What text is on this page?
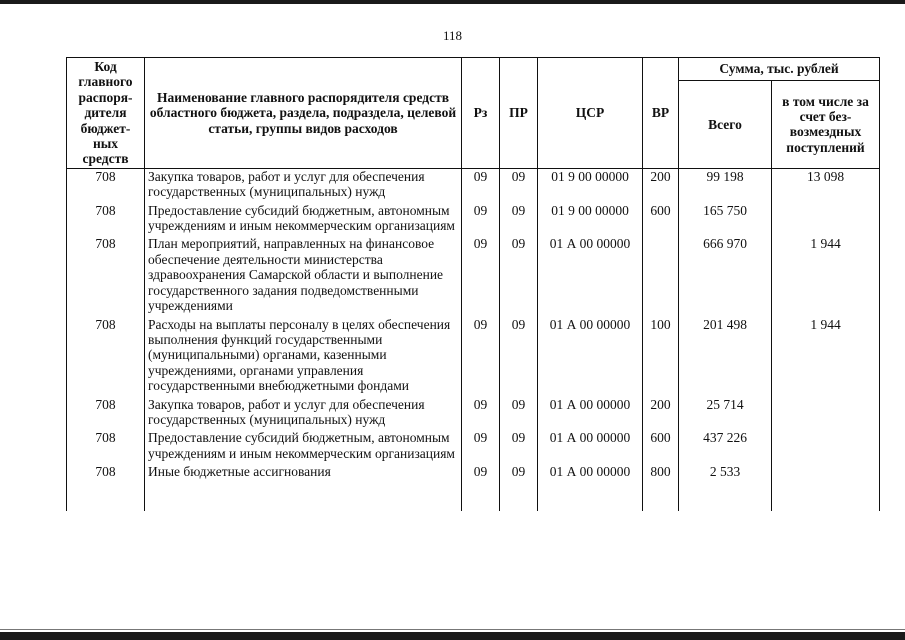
118
Код главного распоря-дителя бюджет-ных средств	Наименование главного распорядителя средств областного бюджета, раздела, подраздела, целевой статьи, группы видов расходов	Рз	ПР	ЦСР	ВР	Сумма, тыс. рублей	
						Всего	в том числе за счет без-возмездных поступлений
708	Закупка товаров, работ и услуг для обеспечения государственных (муниципальных) нужд	09	09	01 9 00 00000	200	99 198	13 098
708	Предоставление субсидий бюджетным, автономным учреждениям и иным некоммерческим организациям	09	09	01 9 00 00000	600	165 750	
708	План мероприятий, направленных на финансовое обеспечение деятельности министерства здравоохранения Самарской области и выполнение государственного задания подведомственными учреждениями	09	09	01 А 00 00000		666 970	1 944
708	Расходы на выплаты персоналу в целях обеспечения выполнения функций государственными (муниципальными) органами, казенными учреждениями, органами управления государственными внебюджетными фондами	09	09	01 А 00 00000	100	201 498	1 944
708	Закупка товаров, работ и услуг для обеспечения государственных (муниципальных) нужд	09	09	01 А 00 00000	200	25 714	
708	Предоставление субсидий бюджетным, автономным учреждениям и иным некоммерческим организациям	09	09	01 А 00 00000	600	437 226	
708	Иные бюджетные ассигнования	09	09	01 А 00 00000	800	2 533	
